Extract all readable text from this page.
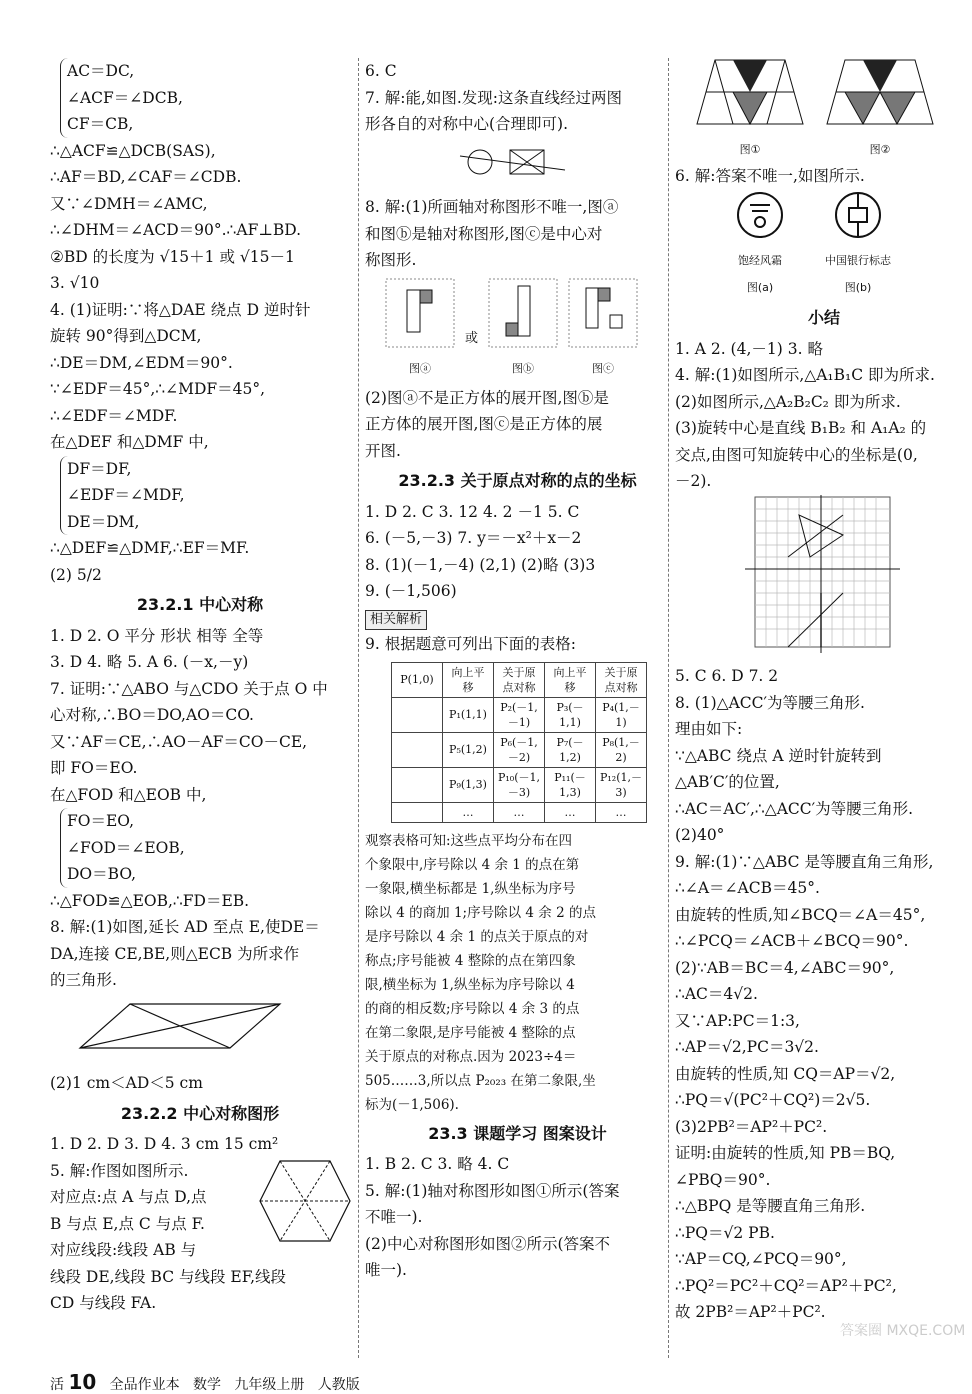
AC＝DC,
∠ACF＝∠DCB,
CF＝CB,
∴△ACF≌△DCB(SAS),
∴AF＝BD,∠CAF＝∠CDB.
又∵∠DMH＝∠AMC,
∴∠DHM＝∠ACD＝90°.∴AF⊥BD.
②BD 的长度为 √15＋1 或 √15－1
3. √10
4. (1)证明:∵将△DAE 绕点 D 逆时针
旋转 90°得到△DCM,
∴DE＝DM,∠EDM＝90°.
∵∠EDF＝45°,∴∠MDF＝45°,
∴∠EDF＝∠MDF.
在△DEF 和△DMF 中,
DF＝DF,
∠EDF＝∠MDF,
DE＝DM,
∴△DEF≌△DMF,∴EF＝MF.
(2) 5/2
23.2.1 中心对称
1. D 2. O 平分 形状 相等 全等
3. D 4. 略 5. A 6. (－x,－y)
7. 证明:∵△ABO 与△CDO 关于点 O 中
心对称,∴BO＝DO,AO＝CO.
又∵AF＝CE,∴AO－AF＝CO－CE,
即 FO＝EO.
在△FOD 和△EOB 中,
FO＝EO,
∠FOD＝∠EOB,
DO＝BO,
∴△FOD≌△EOB,∴FD＝EB.
8. 解:(1)如图,延长 AD 至点 E,使DE＝
DA,连接 CE,BE,则△ECB 为所求作
的三角形.
(2)1 cm＜AD＜5 cm
23.2.2 中心对称图形
1. D 2. D 3. D 4. 3 cm 15 cm²
5. 解:作图如图所示.
对应点:点 A 与点 D,点
B 与点 E,点 C 与点 F.
对应线段:线段 AB 与
线段 DE,线段 BC 与线段 EF,线段
CD 与线段 FA.
6. C
7. 解:能,如图.发现:这条直线经过两图
形各自的对称中心(合理即可).
8. 解:(1)所画轴对称图形不唯一,图ⓐ
和图ⓑ是轴对称图形,图ⓒ是中心对
称图形.
图ⓐ
或
图ⓑ	图ⓒ
(2)图ⓐ不是正方体的展开图,图ⓑ是
正方体的展开图,图ⓒ是正方体的展
开图.
23.2.3 关于原点对称的点的坐标
1. D 2. C 3. 12 4. 2 －1 5. C
6. (－5,－3) 7. y＝－x²＋x－2
8. (1)(－1,－4) (2,1) (2)略 (3)3
9. (－1,506)
相关解析
9. 根据题意可列出下面的表格:
P(1,0)	向上平移	关于原点对称	向上平移	关于原点对称
	P₁(1,1)	P₂(－1,－1)	P₃(－1,1)	P₄(1,－1)
	P₅(1,2)	P₆(－1,－2)	P₇(－1,2)	P₈(1,－2)
	P₉(1,3)	P₁₀(－1,－3)	P₁₁(－1,3)	P₁₂(1,－3)
	…	…	…	…
观察表格可知:这些点平均分布在四
个象限中,序号除以 4 余 1 的点在第
一象限,横坐标都是 1,纵坐标为序号
除以 4 的商加 1;序号除以 4 余 2 的点
是序号除以 4 余 1 的点关于原点的对
称点;序号能被 4 整除的点在第四象
限,横坐标为 1,纵坐标为序号除以 4
的商的相反数;序号除以 4 余 3 的点
在第二象限,是序号能被 4 整除的点
关于原点的对称点.因为 2023÷4＝
505……3,所以点 P₂₀₂₃ 在第二象限,坐
标为(－1,506).
23.3 课题学习 图案设计
1. B 2. C 3. 略 4. C
5. 解:(1)轴对称图形如图①所示(答案
不唯一).
(2)中心对称图形如图②所示(答案不
唯一).
图①	图②
6. 解:答案不唯一,如图所示.
饱经风霜
图(a)
中国银行标志
图(b)
小结
1. A 2. (4,－1) 3. 略
4. 解:(1)如图所示,△A₁B₁C 即为所求.
(2)如图所示,△A₂B₂C₂ 即为所求.
(3)旋转中心是直线 B₁B₂ 和 A₁A₂ 的
交点,由图可知旋转中心的坐标是(0,
－2).
5. C 6. D 7. 2
8. (1)△ACC′为等腰三角形.
理由如下:
∵△ABC 绕点 A 逆时针旋转到
△AB′C′的位置,
∴AC＝AC′,∴△ACC′为等腰三角形.
(2)40°
9. 解:(1)∵△ABC 是等腰直角三角形,
∴∠A＝∠ACB＝45°.
由旋转的性质,知∠BCQ＝∠A＝45°,
∴∠PCQ＝∠ACB＋∠BCQ＝90°.
(2)∵AB＝BC＝4,∠ABC＝90°,
∴AC＝4√2.
又∵AP:PC＝1:3,
∴AP＝√2,PC＝3√2.
由旋转的性质,知 CQ＝AP＝√2,
∴PQ＝√(PC²＋CQ²)＝2√5.
(3)2PB²＝AP²＋PC².
证明:由旋转的性质,知 PB＝BQ,
∠PBQ＝90°.
∴△BPQ 是等腰直角三角形.
∴PQ＝√2 PB.
∵AP＝CQ,∠PCQ＝90°,
∴PQ²＝PC²＋CQ²＝AP²＋PC²,
故 2PB²＝AP²＋PC².
活 10 全品作业本 数学 九年级上册 人教版
答案圈 MXQE.COM
